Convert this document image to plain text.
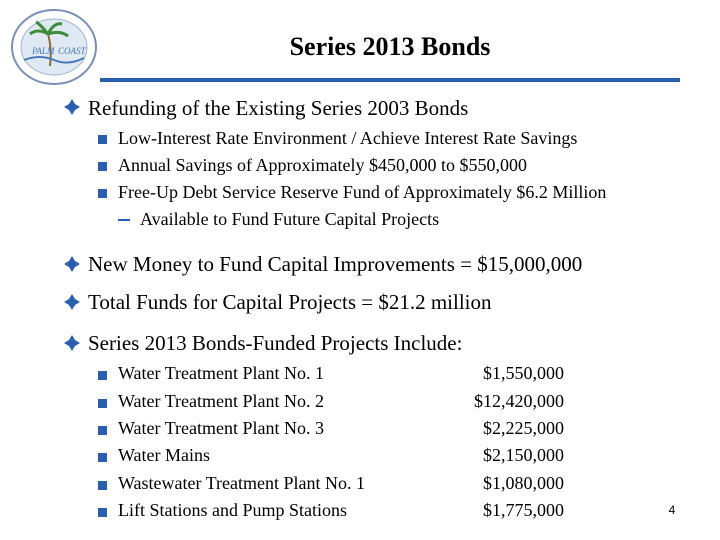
PALM COAST	Series 2013 Bonds
Refunding of the Existing Series 2003 Bonds
Low-Interest Rate Environment / Achieve Interest Rate Savings
Annual Savings of Approximately $450,000 to $550,000
Free-Up Debt Service Reserve Fund of Approximately $6.2 Million
Available to Fund Future Capital Projects
New Money to Fund Capital Improvements = $15,000,000
Total Funds for Capital Projects = $21.2 million
Series 2013 Bonds-Funded Projects Include:
Water Treatment Plant No. 1	$1,550,000
Water Treatment Plant No. 2	$12,420,000
Water Treatment Plant No. 3	$2,225,000
Water Mains	$2,150,000
Wastewater Treatment Plant No. 1	$1,080,000
Lift Stations and Pump Stations	$1,775,000	4
